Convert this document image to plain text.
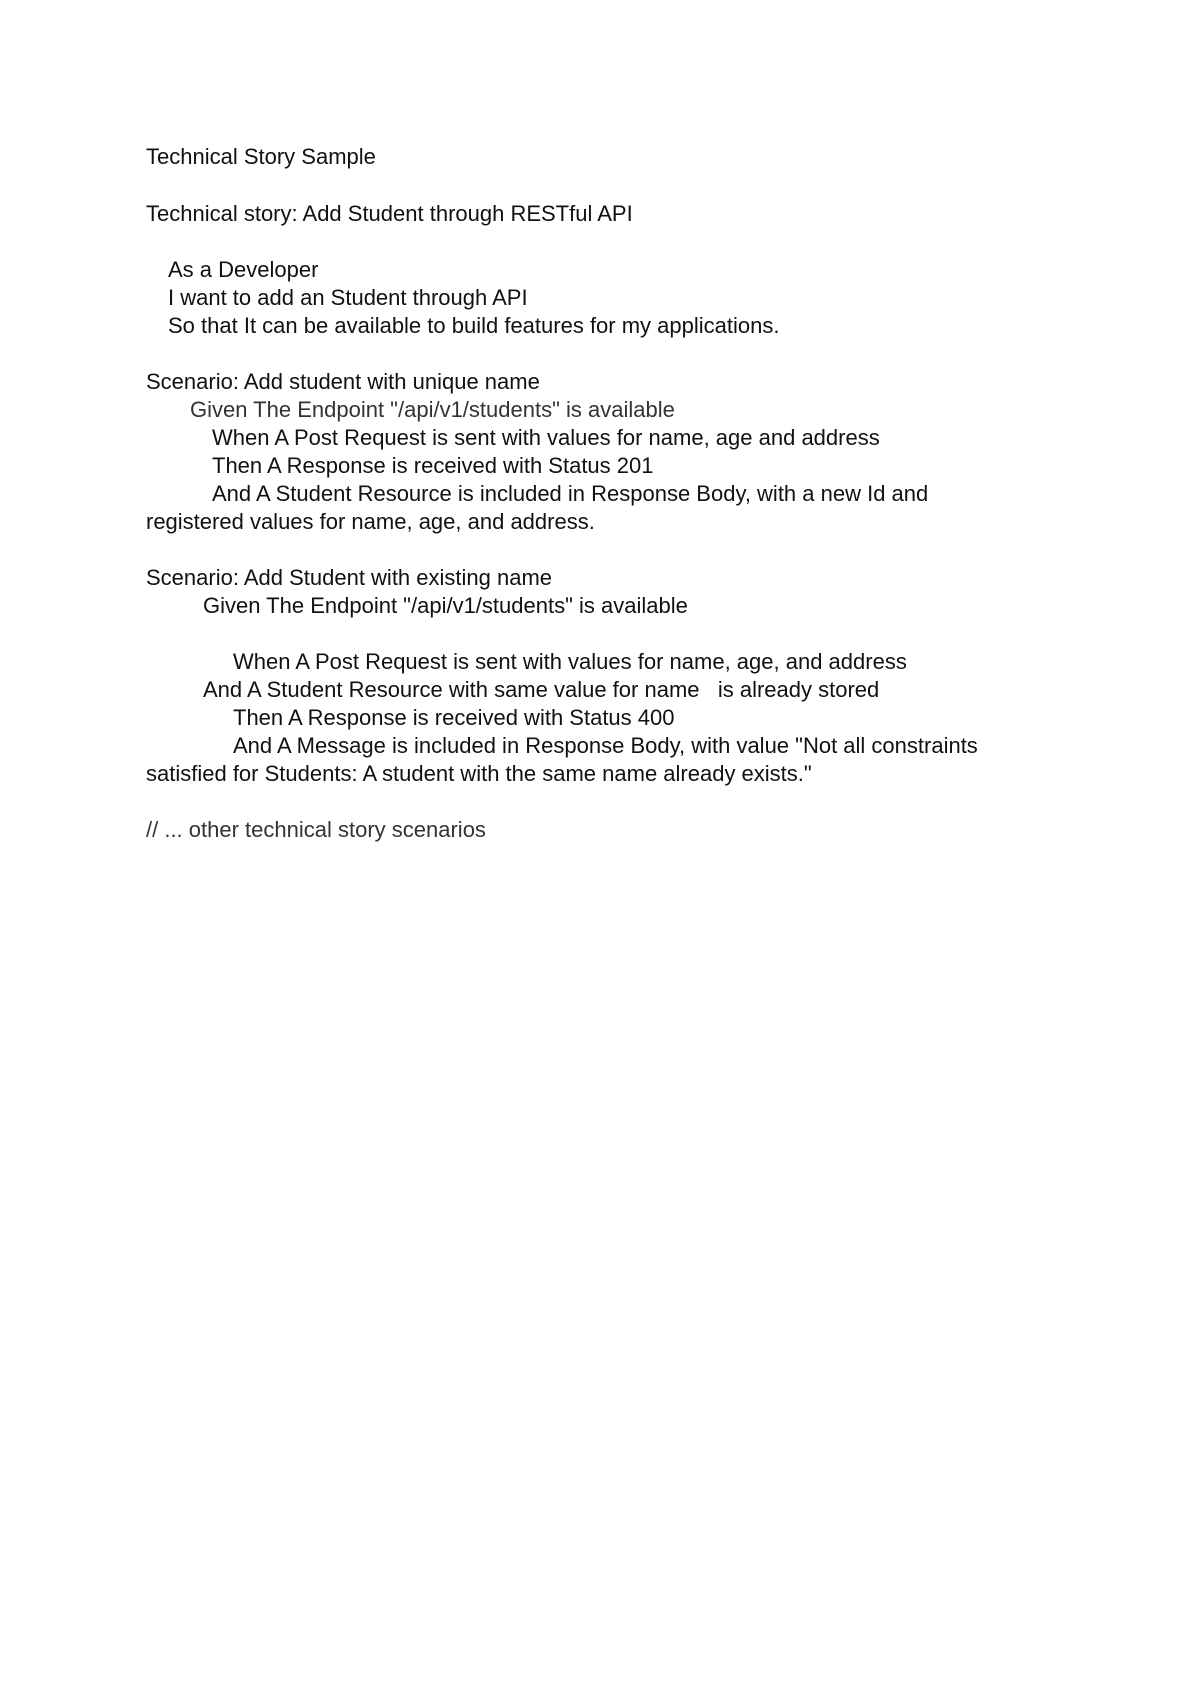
Technical Story Sample
Technical story: Add Student through RESTful API
As a Developer
I want to add an Student through API
So that It can be available to build features for my applications.
Scenario: Add student with unique name
Given The Endpoint "/api/v1/students" is available
When A Post Request is sent with values for name, age and address
Then A Response is received with Status 201
And A Student Resource is included in Response Body, with a new Id and
registered values for name, age, and address.
Scenario: Add Student with existing name
Given The Endpoint "/api/v1/students" is available
When A Post Request is sent with values for name, age, and address
And A Student Resource with same value for name   is already stored
Then A Response is received with Status 400
And A Message is included in Response Body, with value "Not all constraints
satisfied for Students: A student with the same name already exists."
// ... other technical story scenarios
